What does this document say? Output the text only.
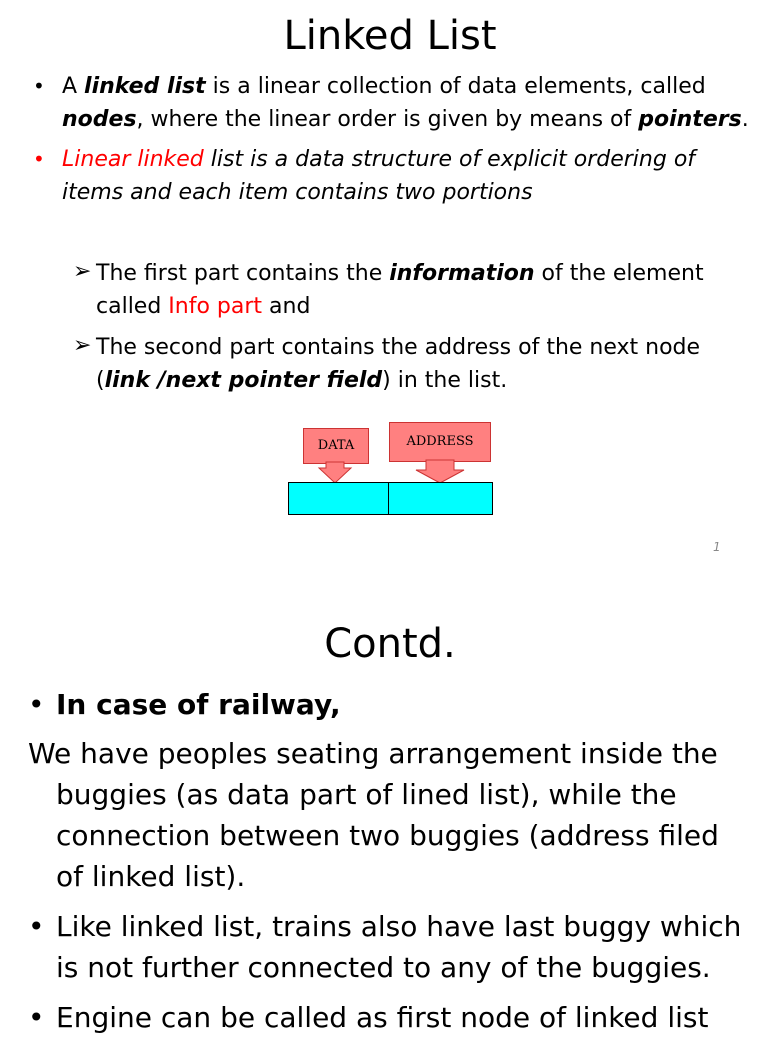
Linked List
• A linked list is a linear collection of data elements, called
nodes, where the linear order is given by means of pointers.
• Linear linked list is a data structure of explicit ordering of
items and each item contains two portions
➢ The first part contains the information of the element
called Info part and
➢ The second part contains the address of the next node
(link /next pointer field) in the list.
DATA	ADDRESS
1
Contd.
• In case of railway,
We have peoples seating arrangement inside the
buggies (as data part of lined list), while the
connection between two buggies (address filed
of linked list).
• Like linked list, trains also have last buggy which
is not further connected to any of the buggies.
• Engine can be called as first node of linked list
